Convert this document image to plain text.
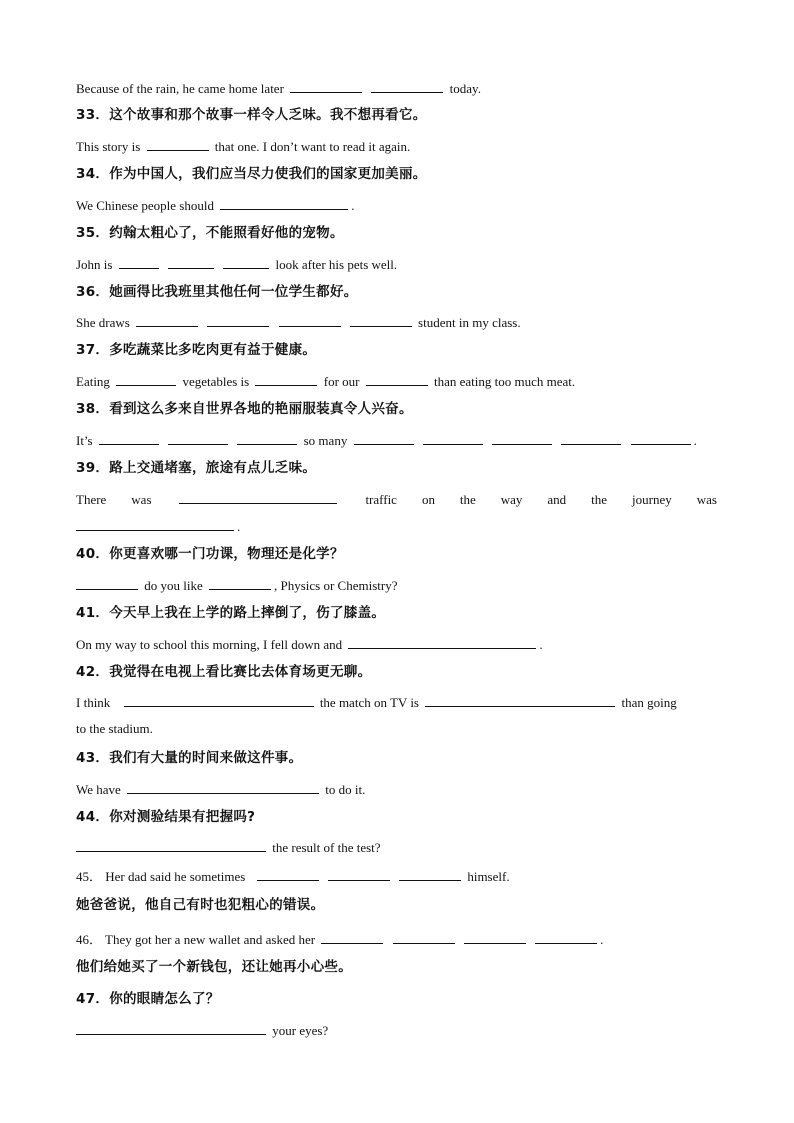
Because of the rain, he came home later	today.
33．这个故事和那个故事一样令人乏味。我不想再看它。
This story is	that one. I don’t want to read it again.
34．作为中国人，我们应当尽力使我们的国家更加美丽。
We Chinese people should	.
35．约翰太粗心了，不能照看好他的宠物。
John is	look after his pets well.
36．她画得比我班里其他任何一位学生都好。
She draws	student in my class.
37．多吃蔬菜比多吃肉更有益于健康。
Eating	vegetables is	for our	than eating too much meat.
38．看到这么多来自世界各地的艳丽服装真令人兴奋。
It’s	so many	.
39．路上交通堵塞，旅途有点儿乏味。
There was	traffic on the way and the journey was
.
40．你更喜欢哪一门功课，物理还是化学？
do you like	, Physics or Chemistry?
41．今天早上我在上学的路上摔倒了，伤了膝盖。
On my way to school this morning, I fell down and	.
42．我觉得在电视上看比赛比去体育场更无聊。
I think	the match on TV is	than going
to the stadium.
43．我们有大量的时间来做这件事。
We have	to do it.
44．你对测验结果有把握吗?
the result of the test?
45． Her dad said he sometimes	himself.
她爸爸说，他自己有时也犯粗心的错误。
46． They got her a new wallet and asked her	.
他们给她买了一个新钱包，还让她再小心些。
47．你的眼睛怎么了？
your eyes?
